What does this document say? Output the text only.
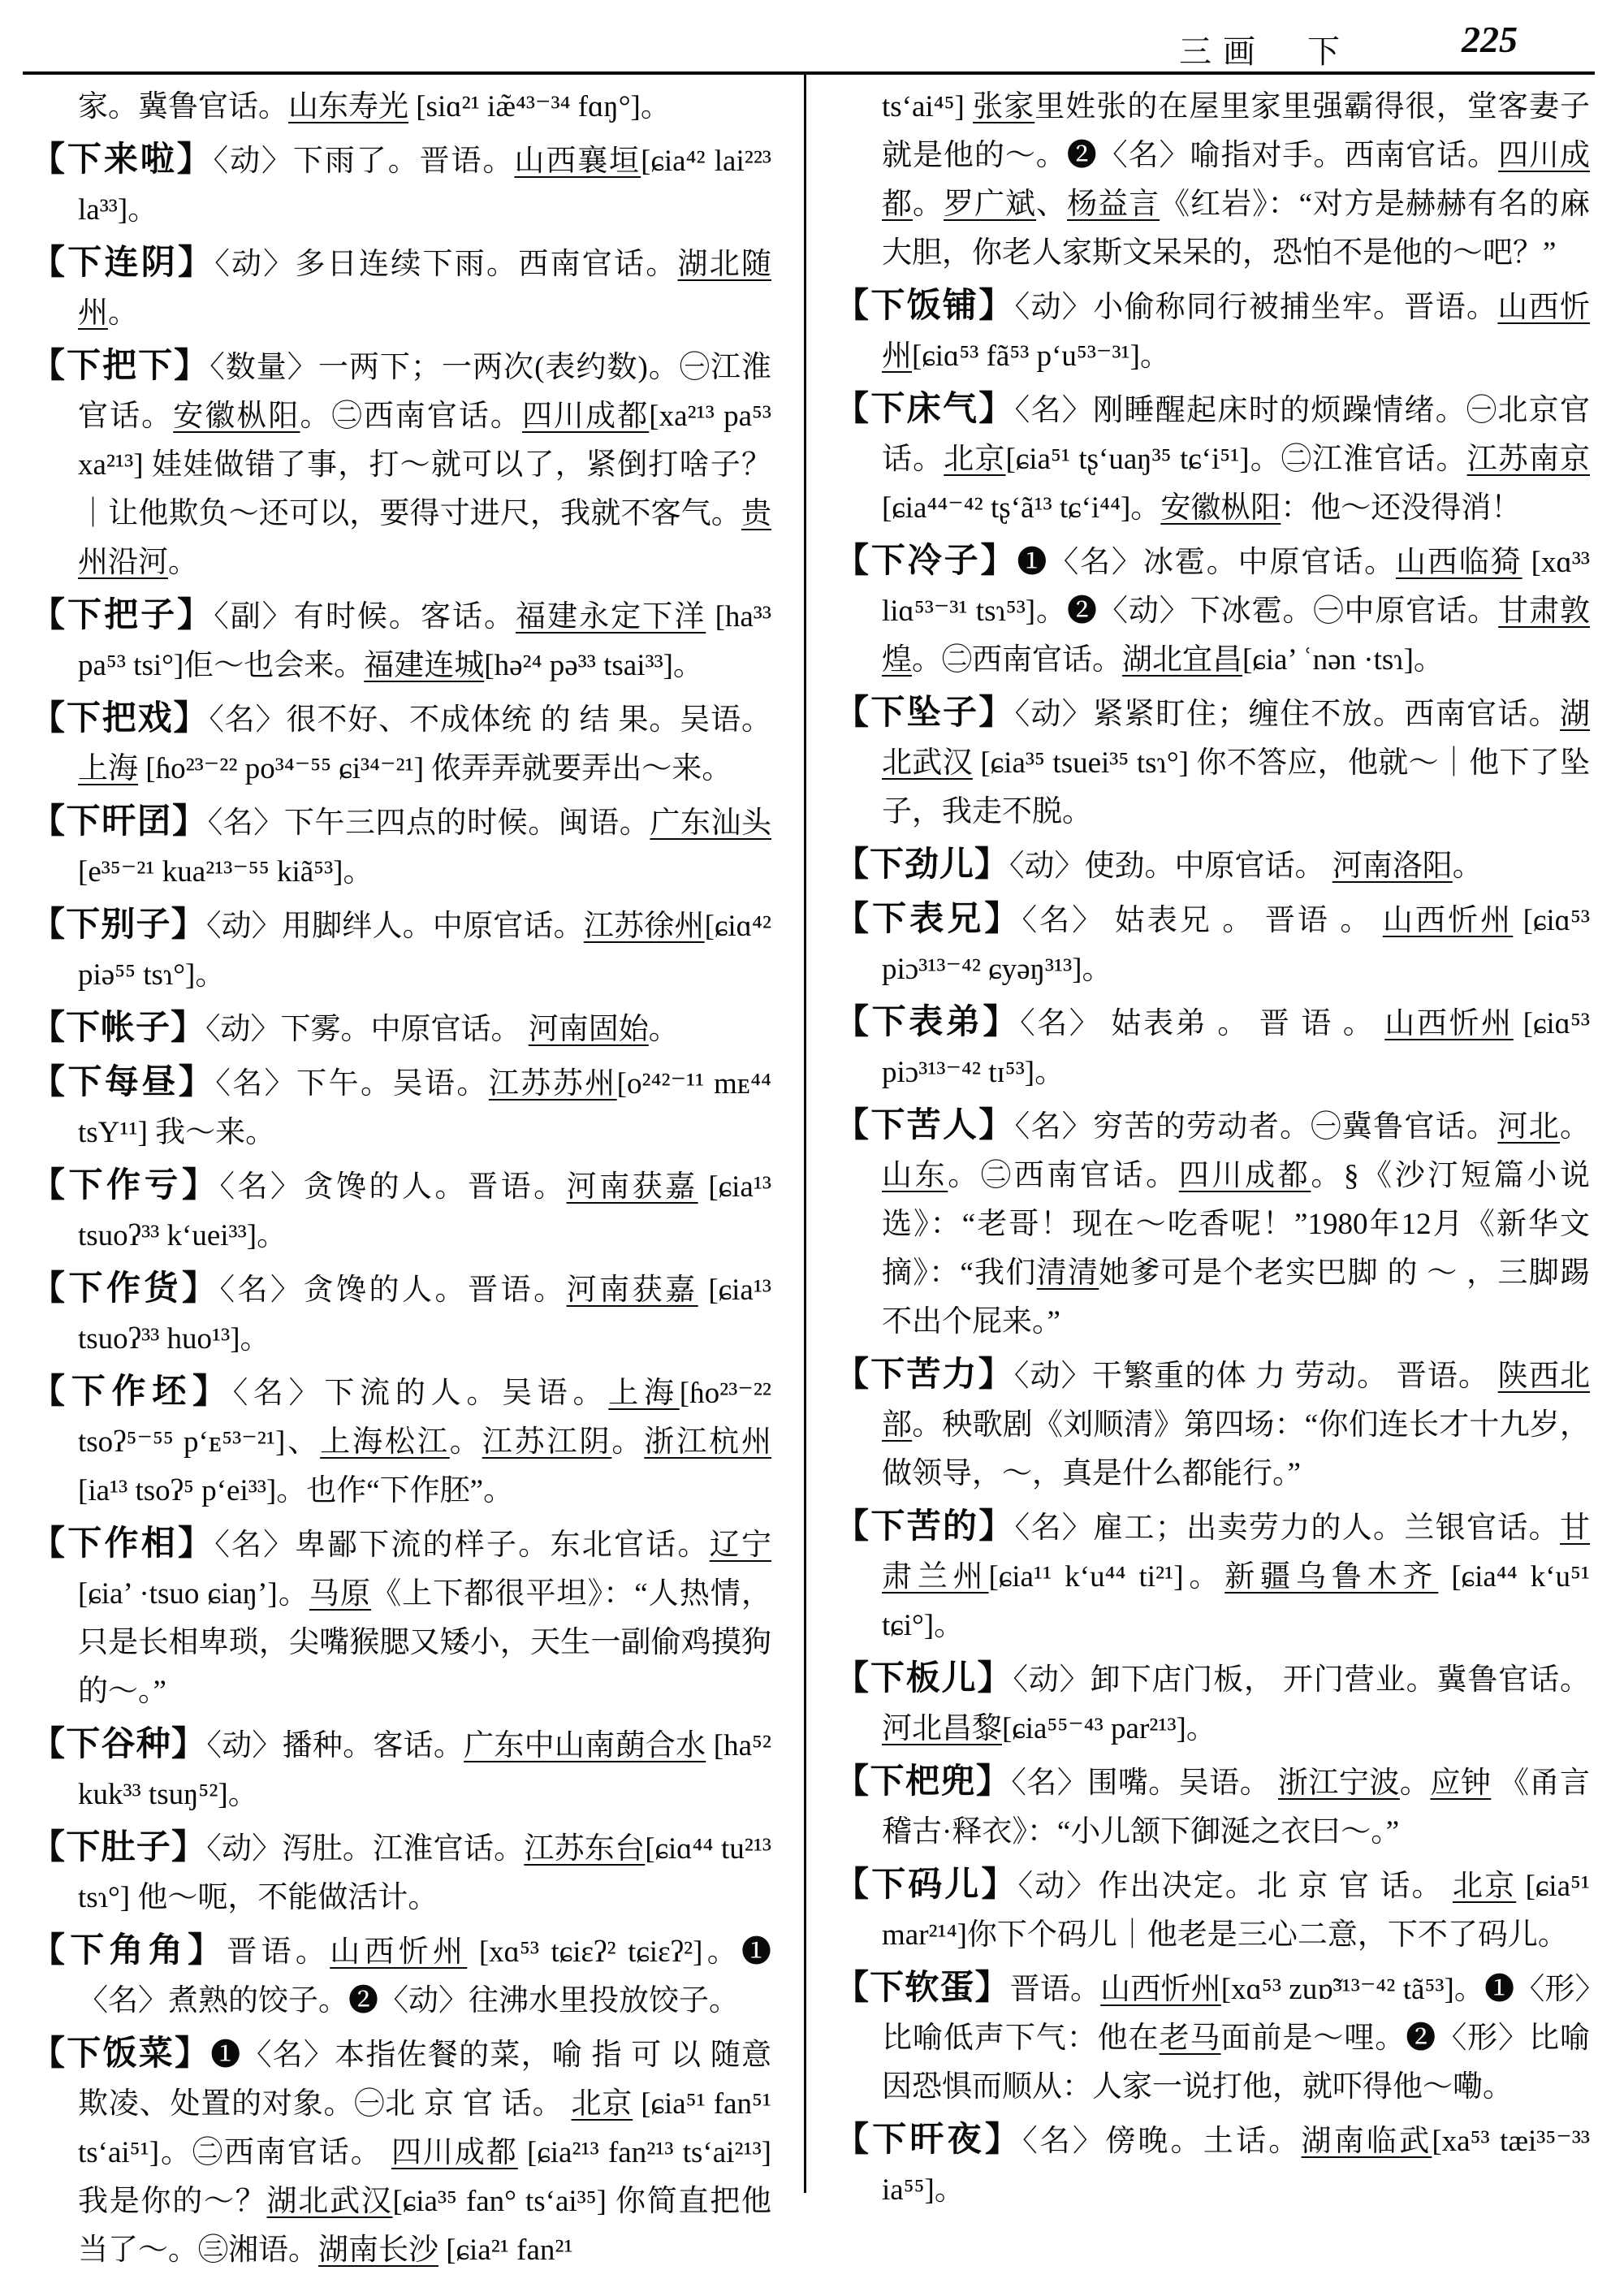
三画 下	225

家。冀鲁官话。山东寿光 [siɑ²¹ iæ̃⁴³⁻³⁴ fɑŋ°]。

【下来啦】〈动〉下雨了。晋语。山西襄垣[ɕia⁴² lai²²³ la³³]。

【下连阴】〈动〉多日连续下雨。西南官话。湖北随州。

【下把下】〈数量〉一两下；一两次(表约数)。㊀江淮官话。安徽枞阳。㊁西南官话。四川成都[xa²¹³ pa⁵³ xa²¹³] 娃娃做错了事，打～就可以了，紧倒打啥子？｜让他欺负～还可以，要得寸进尺，我就不客气。贵州沿河。

【下把子】〈副〉有时候。客话。福建永定下洋 [ha³³ pa⁵³ tsi°]佢～也会来。福建连城[hə²⁴ pə³³ tsai³³]。

【下把戏】〈名〉很不好、不成体统 的 结 果。吴语。上海 [ɦo²³⁻²² po³⁴⁻⁵⁵ ɕi³⁴⁻²¹] 侬弄弄就要弄出～来。

【下旰囝】〈名〉下午三四点的时候。闽语。广东汕头 [e³⁵⁻²¹ kua²¹³⁻⁵⁵ kiã⁵³]。

【下别子】〈动〉用脚绊人。中原官话。江苏徐州[ɕiɑ⁴² piə⁵⁵ tsɿ°]。

【下帐子】〈动〉下雾。中原官话。 河南固始。

【下每昼】〈名〉下午。吴语。江苏苏州[o²⁴²⁻¹¹ mᴇ⁴⁴ tsY¹¹] 我～来。

【下作亏】〈名〉贪馋的人。晋语。河南获嘉 [ɕia¹³ tsuoʔ³³ k‘uei³³]。

【下作货】〈名〉贪馋的人。晋语。河南获嘉 [ɕia¹³ tsuoʔ³³ huo¹³]。

【下作坯】〈名〉下流的人。吴语。上海[ɦo²³⁻²² tsoʔ⁵⁻⁵⁵ p‘ᴇ⁵³⁻²¹]、上海松江。江苏江阴。浙江杭州[ia¹³ tsoʔ⁵ p‘ei³³]。也作“下作胚”。

【下作相】〈名〉卑鄙下流的样子。东北官话。辽宁 [ɕia’ ·tsuo ɕiaŋ’]。马原《上下都很平坦》：“人热情，只是长相卑琐，尖嘴猴腮又矮小，天生一副偷鸡摸狗的～。”

【下谷种】〈动〉播种。客话。广东中山南蓢合水 [ha⁵² kuk³³ tsuŋ⁵²]。

【下肚子】〈动〉泻肚。江淮官话。江苏东台[ɕiɑ⁴⁴ tu²¹³ tsɿ°] 他～呃，不能做活计。

【下角角】晋语。山西忻州 [xɑ⁵³ tɕiɛʔ² tɕiɛʔ²]。❶〈名〉煮熟的饺子。❷〈动〉往沸水里投放饺子。

【下饭菜】❶〈名〉本指佐餐的菜，喻 指 可 以 随意欺凌、处置的对象。㊀北 京 官 话。 北京 [ɕia⁵¹ fan⁵¹ ts‘ai⁵¹]。㊁西南官话。 四川成都 [ɕia²¹³ fan²¹³ ts‘ai²¹³] 我是你的～？湖北武汉[ɕia³⁵ fan° ts‘ai³⁵] 你简直把他当了～。㊂湘语。湖南长沙 [ɕia²¹ fan²¹

ts‘ai⁴⁵] 张家里姓张的在屋里家里强霸得很，堂客妻子就是他的～。❷〈名〉喻指对手。西南官话。四川成都。罗广斌、杨益言《红岩》：“对方是赫赫有名的麻大胆，你老人家斯文呆呆的，恐怕不是他的～吧？”

【下饭铺】〈动〉小偷称同行被捕坐牢。晋语。山西忻州[ɕiɑ⁵³ fã⁵³ p‘u⁵³⁻³¹]。

【下床气】〈名〉刚睡醒起床时的烦躁情绪。㊀北京官话。北京[ɕia⁵¹ tʂ‘uaŋ³⁵ tɕ‘i⁵¹]。㊁江淮官话。江苏南京[ɕia⁴⁴⁻⁴² tʂ‘ã¹³ tɕ‘i⁴⁴]。安徽枞阳：他～还没得消！

【下冷子】❶〈名〉冰雹。中原官话。山西临猗 [xɑ³³ liɑ⁵³⁻³¹ tsɿ⁵³]。❷〈动〉下冰雹。㊀中原官话。甘肃敦煌。㊁西南官话。湖北宜昌[ɕia’ ʿnən ·tsɿ]。

【下坠子】〈动〉紧紧盯住；缠住不放。西南官话。湖北武汉 [ɕia³⁵ tsuei³⁵ tsɿ°] 你不答应，他就～｜他下了坠子，我走不脱。

【下劲儿】〈动〉使劲。中原官话。 河南洛阳。

【下表兄】〈名〉 姑表兄 。 晋语 。 山西忻州 [ɕiɑ⁵³ piɔ³¹³⁻⁴² ɕyəŋ³¹³]。

【下表弟】〈名〉 姑表弟 。 晋 语 。 山西忻州 [ɕiɑ⁵³ piɔ³¹³⁻⁴² tɪ⁵³]。

【下苦人】〈名〉穷苦的劳动者。㊀冀鲁官话。河北。山东。㊁西南官话。四川成都。§《沙汀短篇小说选》：“老哥！现在～吃香呢！”1980年12月《新华文摘》：“我们清清她爹可是个老实巴脚 的 ～ ，三脚踢不出个屁来。”

【下苦力】〈动〉干繁重的体 力 劳动。 晋语。 陕西北部。秧歌剧《刘顺清》第四场：“你们连长才十九岁，做领导，～，真是什么都能行。”

【下苦的】〈名〉雇工；出卖劳力的人。兰银官话。甘肃兰州[ɕia¹¹ k‘u⁴⁴ ti²¹]。新疆乌鲁木齐 [ɕia⁴⁴ k‘u⁵¹ tɕi°]。

【下板儿】〈动〉卸下店门板， 开门营业。冀鲁官话。河北昌黎[ɕia⁵⁵⁻⁴³ par²¹³]。

【下杷兜】〈名〉围嘴。吴语。 浙江宁波。应钟 《甬言稽古·释衣》：“小儿颔下御涎之衣曰～。”

【下码儿】〈动〉作出决定。北 京 官 话。 北京 [ɕia⁵¹ mar²¹⁴]你下个码儿｜他老是三心二意，下不了码儿。

【下软蛋】晋语。山西忻州[xɑ⁵³ zuɒ̃³¹³⁻⁴² tã⁵³]。❶〈形〉比喻低声下气：他在老马面前是～哩。❷〈形〉比喻因恐惧而顺从：人家一说打他，就吓得他～嘞。

【下旰夜】〈名〉傍晚。土话。湖南临武[xa⁵³ tæi³⁵⁻³³ ia⁵⁵]。
